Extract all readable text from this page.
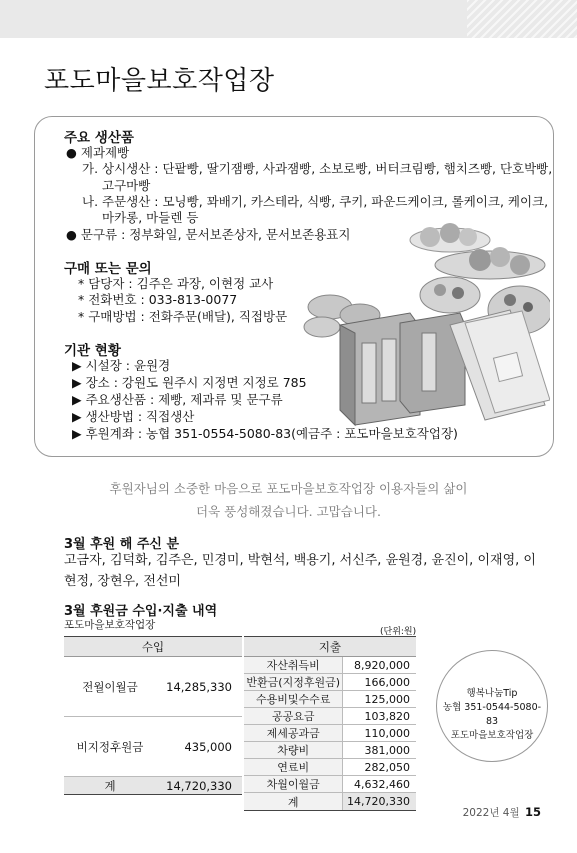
포도마을보호작업장
주요 생산품
● 제과제빵
가. 상시생산 : 단팥빵, 딸기잼빵, 사과잼빵, 소보로빵, 버터크림빵, 햄치즈빵, 단호박빵,
고구마빵
나. 주문생산 : 모닝빵, 꽈배기, 카스테라, 식빵, 쿠키, 파운드케이크, 롤케이크, 케이크,
마카롱, 마들렌 등
● 문구류 : 정부화일, 문서보존상자, 문서보존용표지
구매 또는 문의
* 담당자 : 김주은 과장, 이현정 교사
* 전화번호 : 033-813-0077
* 구매방법 : 전화주문(배달), 직접방문
기관 현황
▶ 시설장 : 윤원경
▶ 장소 : 강원도 원주시 지정면 지정로 785
▶ 주요생산품 : 제빵, 제과류 및 문구류
▶ 생산방법 : 직접생산
▶ 후원계좌 : 농협 351-0554-5080-83(예금주 : 포도마을보호작업장)
후원자님의 소중한 마음으로 포도마을보호작업장 이용자들의 삶이
더욱 풍성해졌습니다. 고맙습니다.
3월 후원 해 주신 분
고금자, 김덕화, 김주은, 민경미, 박현석, 백용기, 서신주, 윤원경, 윤진이, 이재영, 이현정, 장현우, 전선미
3월 후원금 수입·지출 내역
포도마을보호작업장
(단위:원)
수입	
전월이월금	14,285,330
비지정후원금	435,000
계	14,720,330
지출	
자산취득비	8,920,000
반환금(지정후원금)	166,000
수용비및수수료	125,000
공공요금	103,820
제세공과금	110,000
차량비	381,000
연료비	282,050
차월이월금	4,632,460
계	14,720,330
행복나눔Tip
농협 351-0544-5080-83
포도마을보호작업장
2022년 4월 15
